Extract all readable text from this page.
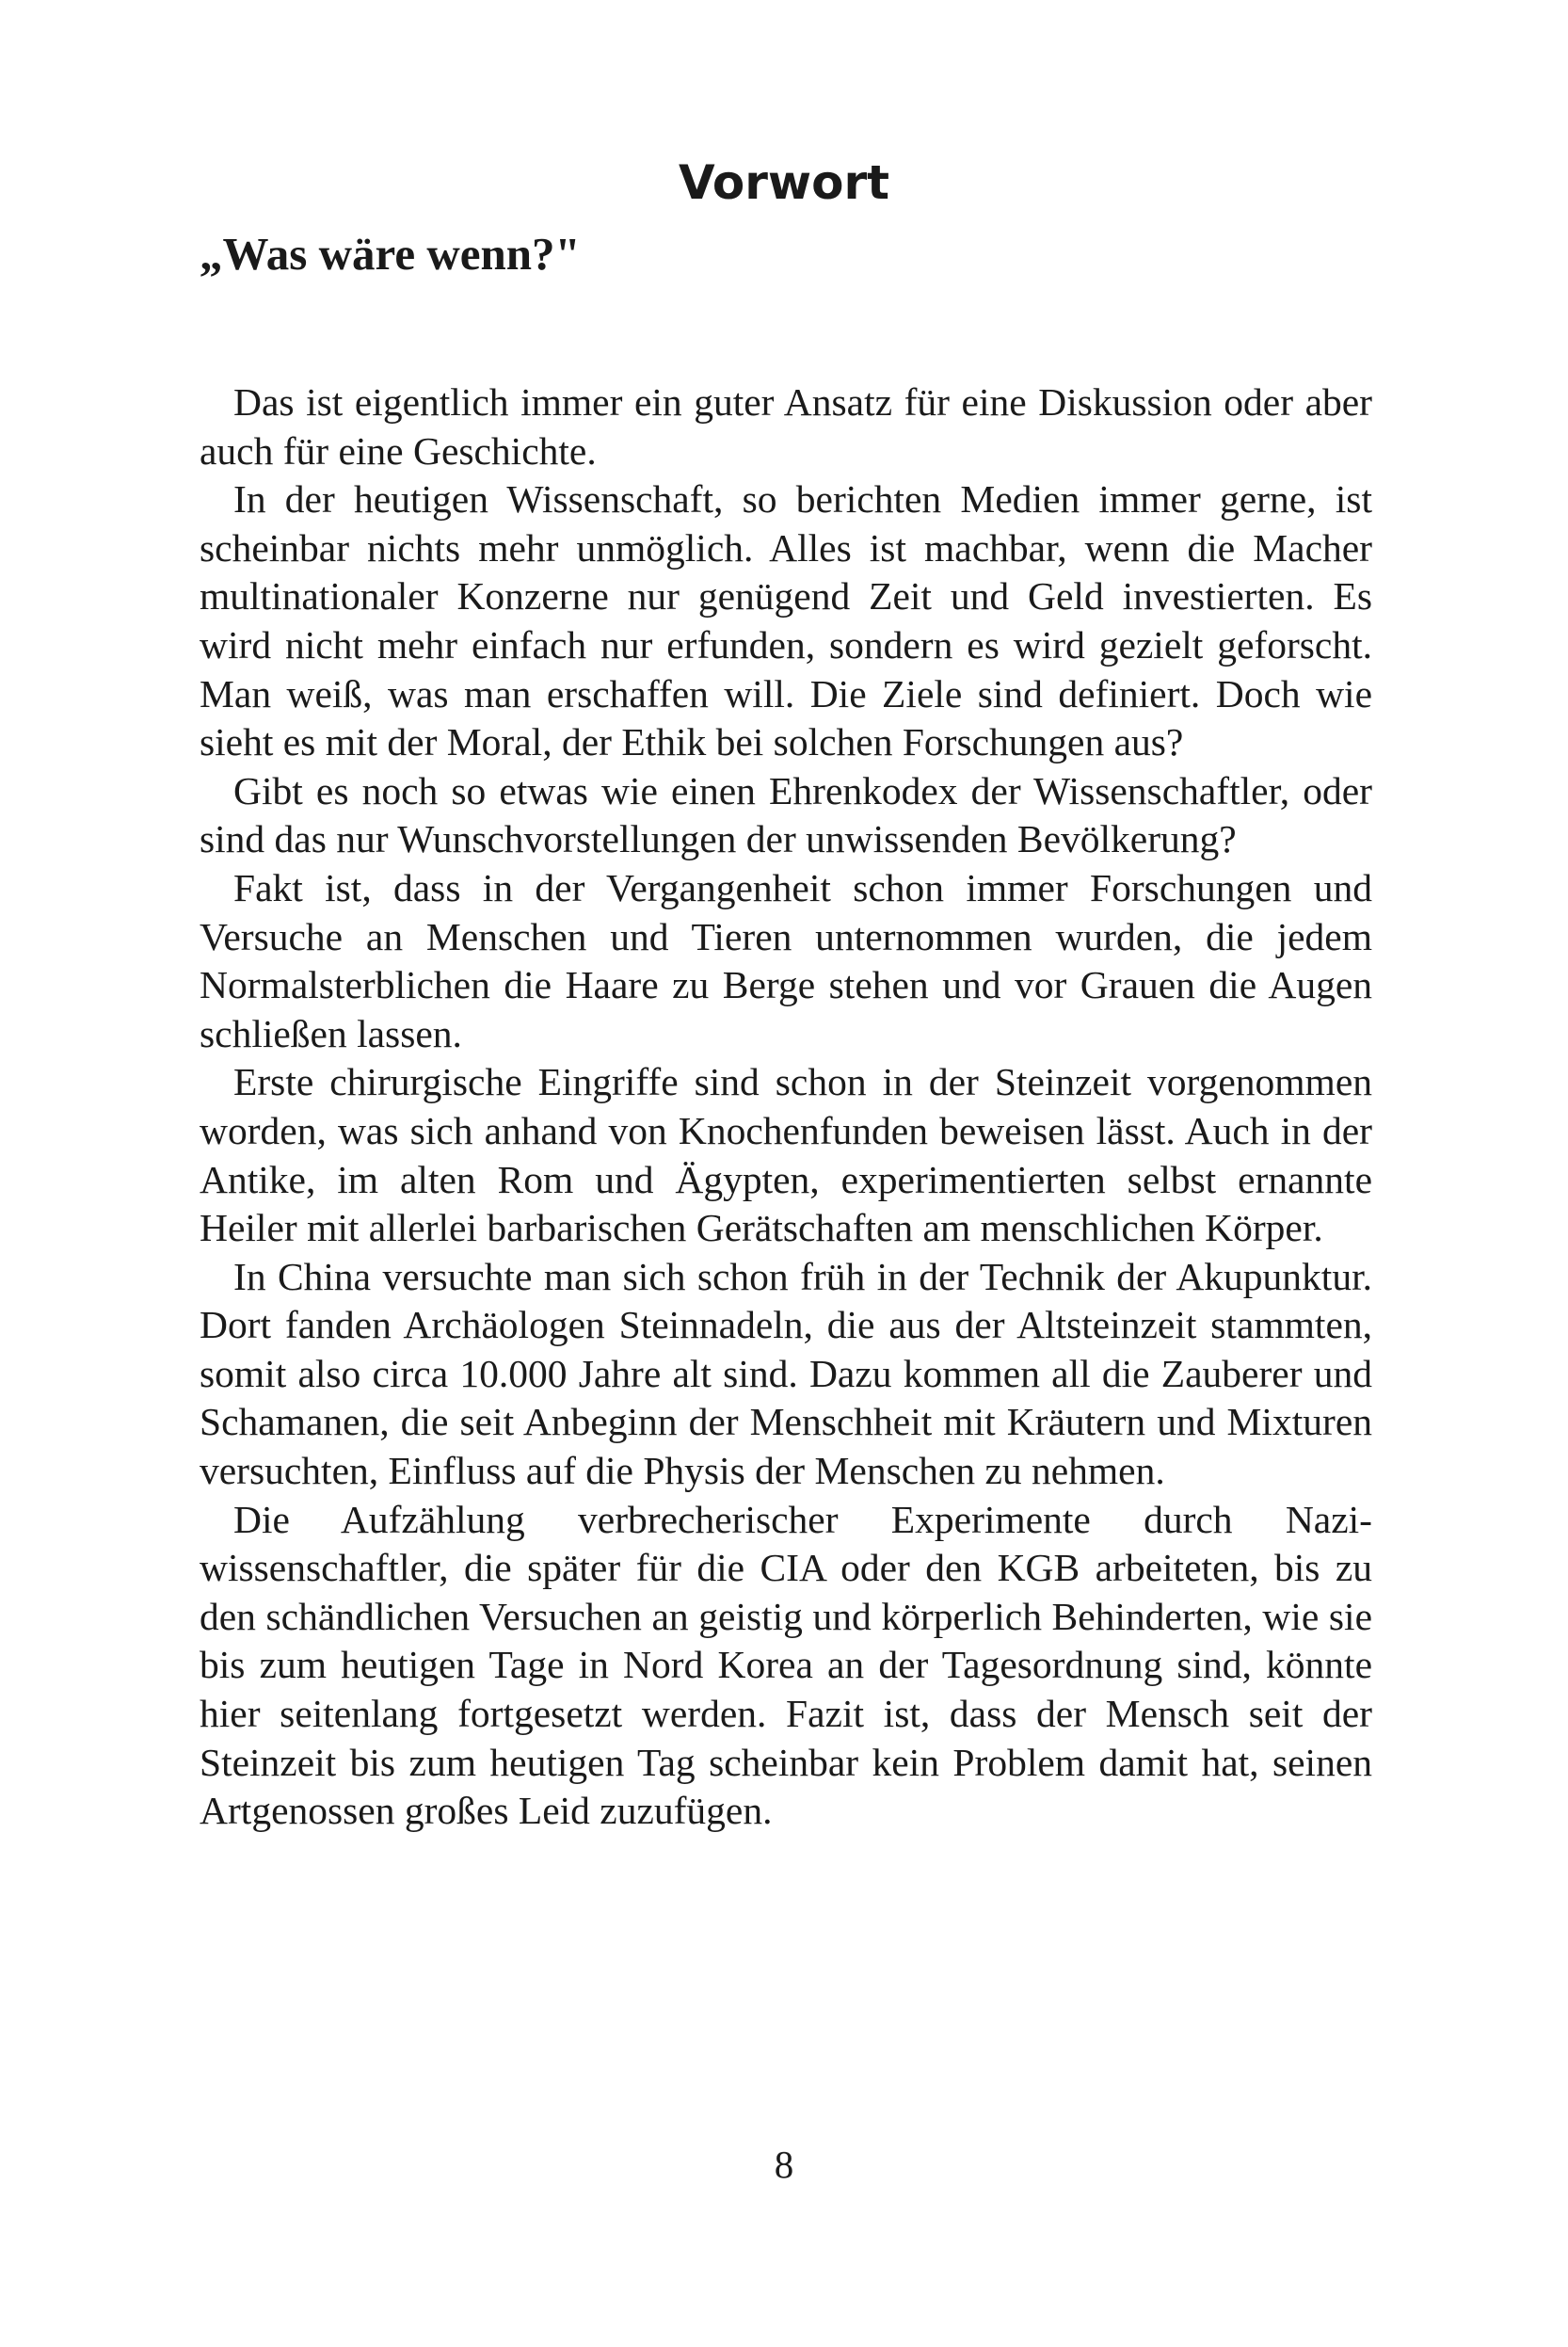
Vorwort
„Was wäre wenn?"

Das ist eigentlich immer ein guter Ansatz für eine Diskussion oder aber auch für eine Geschichte.

In der heutigen Wissenschaft, so berichten Medien immer gerne, ist scheinbar nichts mehr unmöglich. Alles ist machbar, wenn die Macher multinationaler Konzerne nur genügend Zeit und Geld investierten. Es wird nicht mehr einfach nur erfunden, sondern es wird gezielt geforscht. Man weiß, was man erschaffen will. Die Ziele sind definiert. Doch wie sieht es mit der Moral, der Ethik bei solchen Forschungen aus?

Gibt es noch so etwas wie einen Ehrenkodex der Wissenschaftler, oder sind das nur Wunschvorstellungen der unwissenden Bevölkerung?

Fakt ist, dass in der Vergangenheit schon immer Forschungen und Versuche an Menschen und Tieren unternommen wurden, die jedem Normalsterblichen die Haare zu Berge stehen und vor Grauen die Augen schließen lassen.

Erste chirurgische Eingriffe sind schon in der Steinzeit vorgenommen worden, was sich anhand von Knochenfunden beweisen lässt. Auch in der Antike, im alten Rom und Ägypten, experimentierten selbst ernannte Heiler mit allerlei barbarischen Gerätschaften am menschlichen Körper.

In China versuchte man sich schon früh in der Technik der Akupunktur. Dort fanden Archäologen Steinnadeln, die aus der Altsteinzeit stammten, somit also circa 10.000 Jahre alt sind. Dazu kommen all die Zauberer und Schamanen, die seit Anbeginn der Menschheit mit Kräutern und Mixturen versuchten, Einfluss auf die Physis der Menschen zu nehmen.

Die Aufzählung verbrecherischer Experimente durch Naziwissenschaftler, die später für die CIA oder den KGB arbeiteten, bis zu den schändlichen Versuchen an geistig und körperlich Behinderten, wie sie bis zum heutigen Tage in Nord Korea an der Tagesordnung sind, könnte hier seitenlang fortgesetzt werden. Fazit ist, dass der Mensch seit der Steinzeit bis zum heutigen Tag scheinbar kein Problem damit hat, seinen Artgenossen großes Leid zuzufügen.

8
